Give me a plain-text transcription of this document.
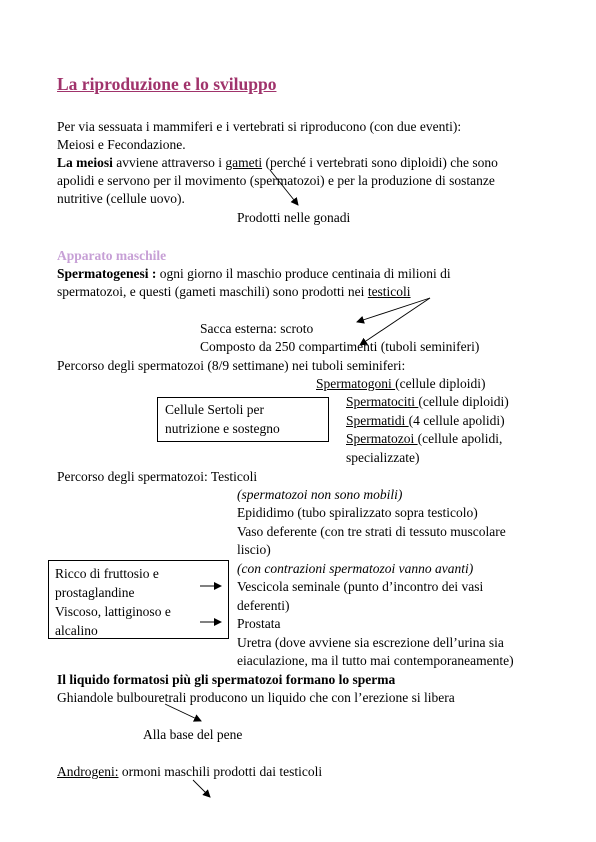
La riproduzione e lo sviluppo
Per via sessuata i mammiferi e i vertebrati si riproducono (con due eventi):
Meiosi e Fecondazione.
La meiosi avviene attraverso i gameti (perché i vertebrati sono diploidi) che sono
apolidi e servono per il movimento (spermatozoi) e per la produzione di sostanze
nutritive (cellule uovo).
Prodotti nelle gonadi
Apparato maschile
Spermatogenesi : ogni giorno il maschio produce centinaia di milioni di
spermatozoi, e questi (gameti maschili) sono prodotti nei testicoli
Sacca esterna: scroto
Composto da 250 compartimenti (tuboli seminiferi)
Percorso degli spermatozoi (8/9 settimane) nei tuboli seminiferi:
Spermatogoni (cellule diploidi)
Spermatociti (cellule diploidi)
Spermatidi (4 cellule apolidi)
Spermatozoi (cellule apolidi,
specializzate)
Cellule Sertoli per
nutrizione e sostegno
Percorso degli spermatozoi: Testicoli
(spermatozoi non sono mobili)
Epididimo (tubo spiralizzato sopra testicolo)
Vaso deferente (con tre strati di tessuto muscolare
liscio)
(con contrazioni spermatozoi vanno avanti)
Vescicola seminale (punto d’incontro dei vasi
deferenti)
Prostata
Uretra (dove avviene sia escrezione dell’urina sia
eiaculazione, ma il tutto mai contemporaneamente)
Ricco di fruttosio e
prostaglandine
Viscoso, lattiginoso e
alcalino
Il liquido formatosi più gli spermatozoi formano lo sperma
Ghiandole bulbouretrali producono un liquido che con l’erezione si libera
Alla base del pene
Androgeni: ormoni maschili prodotti dai testicoli
